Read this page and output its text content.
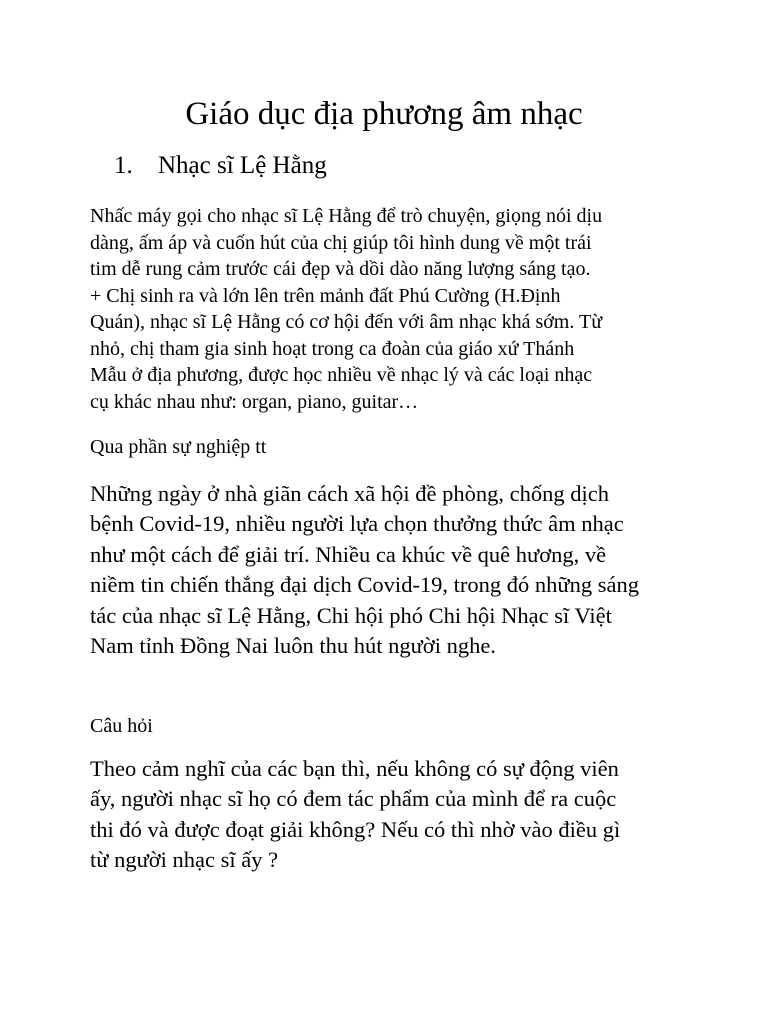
Giáo dục địa phương âm nhạc
1. Nhạc sĩ Lệ Hằng

Nhấc máy gọi cho nhạc sĩ Lệ Hằng để trò chuyện, giọng nói dịu
dàng, ấm áp và cuốn hút của chị giúp tôi hình dung về một trái
tim dễ rung cảm trước cái đẹp và dồi dào năng lượng sáng tạo.
+ Chị sinh ra và lớn lên trên mảnh đất Phú Cường (H.Định
Quán), nhạc sĩ Lệ Hằng có cơ hội đến với âm nhạc khá sớm. Từ
nhỏ, chị tham gia sinh hoạt trong ca đoàn của giáo xứ Thánh
Mẫu ở địa phương, được học nhiều về nhạc lý và các loại nhạc
cụ khác nhau như: organ, piano, guitar…

Qua phần sự nghiệp tt

Những ngày ở nhà giãn cách xã hội đề phòng, chống dịch
bệnh Covid-19, nhiều người lựa chọn thưởng thức âm nhạc
như một cách để giải trí. Nhiều ca khúc về quê hương, về
niềm tin chiến thắng đại dịch Covid-19, trong đó những sáng
tác của nhạc sĩ Lệ Hằng, Chi hội phó Chi hội Nhạc sĩ Việt
Nam tỉnh Đồng Nai luôn thu hút người nghe.

Câu hỏi

Theo cảm nghĩ của các bạn thì, nếu không có sự động viên
ấy, người nhạc sĩ họ có đem tác phẩm của mình để ra cuộc
thi đó và được đoạt giải không? Nếu có thì nhờ vào điều gì
từ người nhạc sĩ ấy ?
